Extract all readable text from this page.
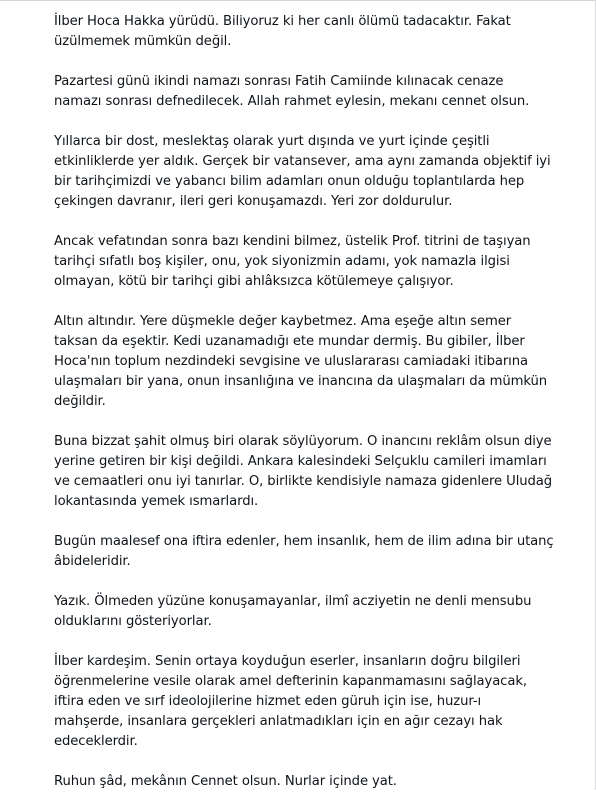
İlber Hoca Hakka yürüdü. Biliyoruz ki her canlı ölümü tadacaktır. Fakat
üzülmemek mümkün değil.

Pazartesi günü ikindi namazı sonrası Fatih Camiinde kılınacak cenaze
namazı sonrası defnedilecek. Allah rahmet eylesin, mekanı cennet olsun.

Yıllarca bir dost, meslektaş olarak yurt dışında ve yurt içinde çeşitli
etkinliklerde yer aldık. Gerçek bir vatansever, ama aynı zamanda objektif iyi
bir tarihçimizdi ve yabancı bilim adamları onun olduğu toplantılarda hep
çekingen davranır, ileri geri konuşamazdı. Yeri zor doldurulur.

Ancak vefatından sonra bazı kendini bilmez, üstelik Prof. titrini de taşıyan
tarihçi sıfatlı boş kişiler, onu, yok siyonizmin adamı, yok namazla ilgisi
olmayan, kötü bir tarihçi gibi ahlâksızca kötülemeye çalışıyor.

Altın altındır. Yere düşmekle değer kaybetmez. Ama eşeğe altın semer
taksan da eşektir. Kedi uzanamadığı ete mundar dermiş. Bu gibiler, İlber
Hoca'nın toplum nezdindeki sevgisine ve uluslararası camiadaki itibarına
ulaşmaları bir yana, onun insanlığına ve inancına da ulaşmaları da mümkün
değildir.

Buna bizzat şahit olmuş biri olarak söylüyorum. O inancını reklâm olsun diye
yerine getiren bir kişi değildi. Ankara kalesindeki Selçuklu camileri imamları
ve cemaatleri onu iyi tanırlar. O, birlikte kendisiyle namaza gidenlere Uludağ
lokantasında yemek ısmarlardı.

Bugün maalesef ona iftira edenler, hem insanlık, hem de ilim adına bir utanç
âbideleridir.

Yazık. Ölmeden yüzüne konuşamayanlar, ilmî acziyetin ne denli mensubu
olduklarını gösteriyorlar.

İlber kardeşim. Senin ortaya koyduğun eserler, insanların doğru bilgileri
öğrenmelerine vesile olarak amel defterinin kapanmamasını sağlayacak,
iftira eden ve sırf ideolojilerine hizmet eden güruh için ise, huzur-ı
mahşerde, insanlara gerçekleri anlatmadıkları için en ağır cezayı hak
edeceklerdir.

Ruhun şâd, mekânın Cennet olsun. Nurlar içinde yat.
